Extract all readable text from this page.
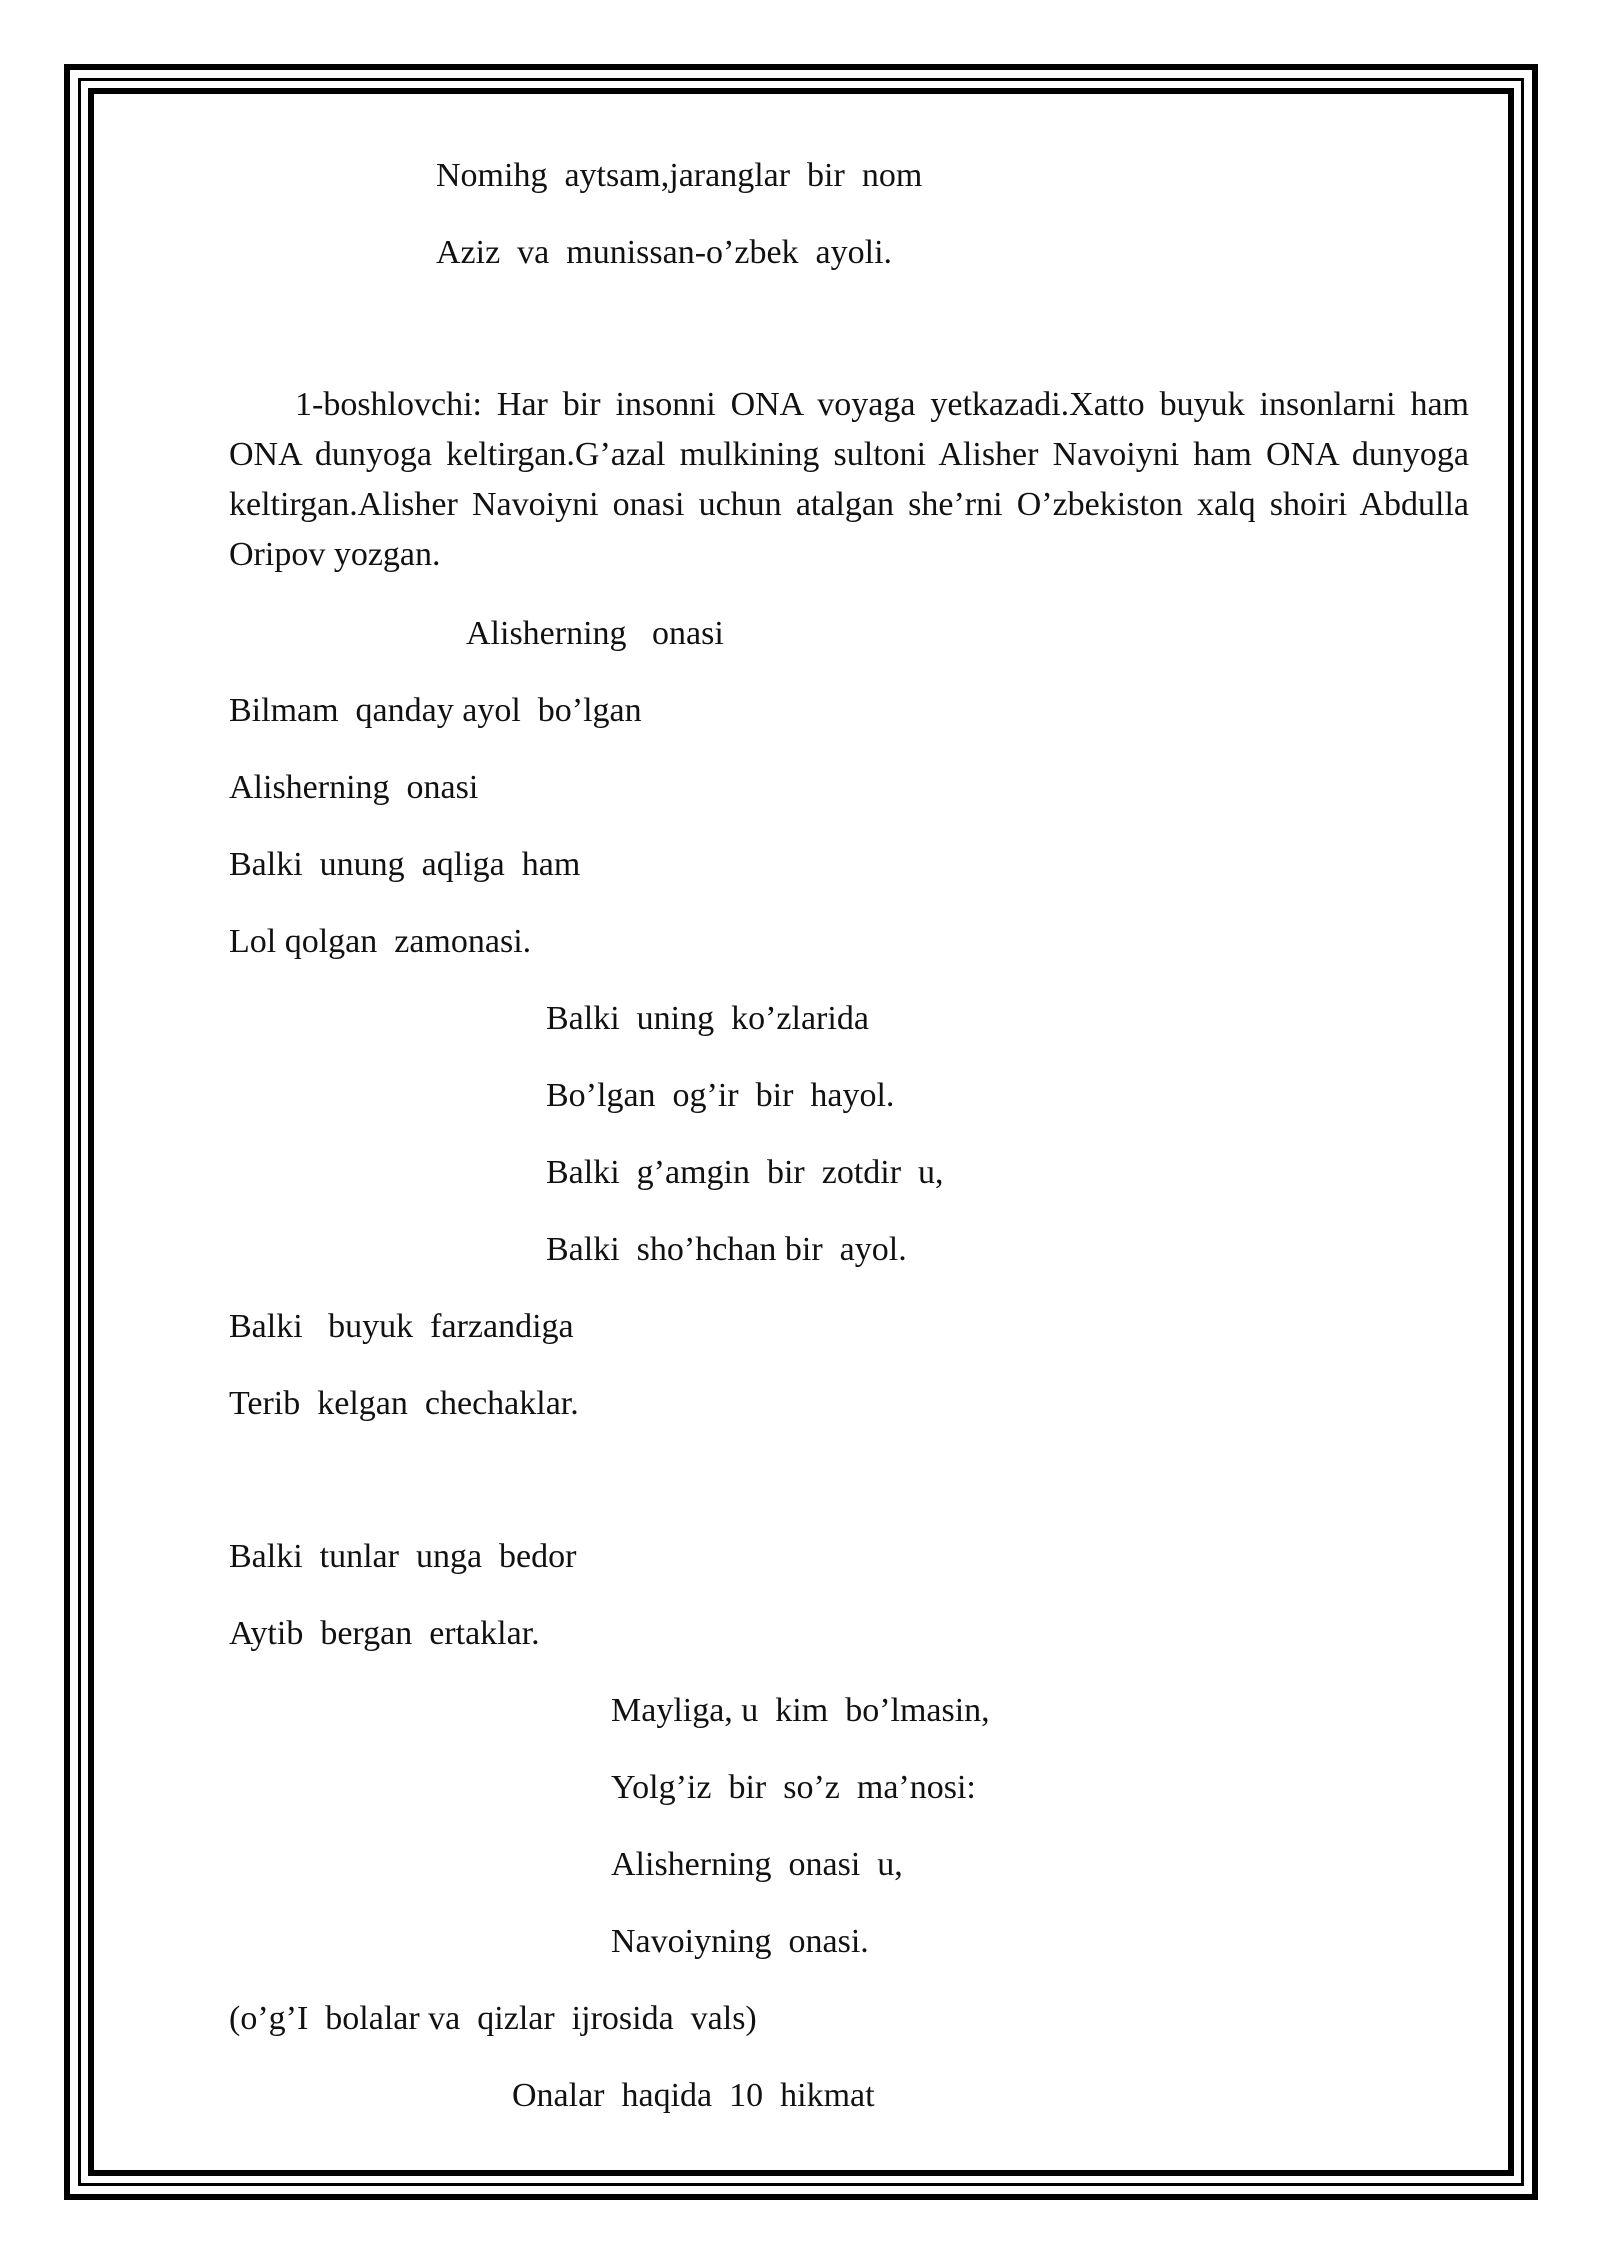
Nomihg  aytsam,jaranglar  bir  nom
Aziz  va  munissan-o’zbek  ayoli.
1-boshlovchi: Har bir insonni ONA voyaga yetkazadi.Xatto buyuk insonlarni ham ONA dunyoga keltirgan.G’azal mulkining sultoni Alisher Navoiyni ham ONA dunyoga keltirgan.Alisher Navoiyni onasi uchun atalgan she’rni O’zbekiston xalq shoiri Abdulla Oripov yozgan.
Alisherning   onasi
Bilmam  qanday ayol  bo’lgan
Alisherning  onasi
Balki  unung  aqliga  ham
Lol qolgan  zamonasi.
Balki  uning  ko’zlarida
Bo’lgan  og’ir  bir  hayol.
Balki  g’amgin  bir  zotdir  u,
Balki  sho’hchan bir  ayol.
Balki   buyuk  farzandiga
Terib  kelgan  chechaklar.
Balki  tunlar  unga  bedor
Aytib  bergan  ertaklar.
Mayliga, u  kim  bo’lmasin,
Yolg’iz  bir  so’z  ma’nosi:
Alisherning  onasi  u,
Navoiyning  onasi.
(o’g’I  bolalar va  qizlar  ijrosida  vals)
Onalar  haqida  10  hikmat
